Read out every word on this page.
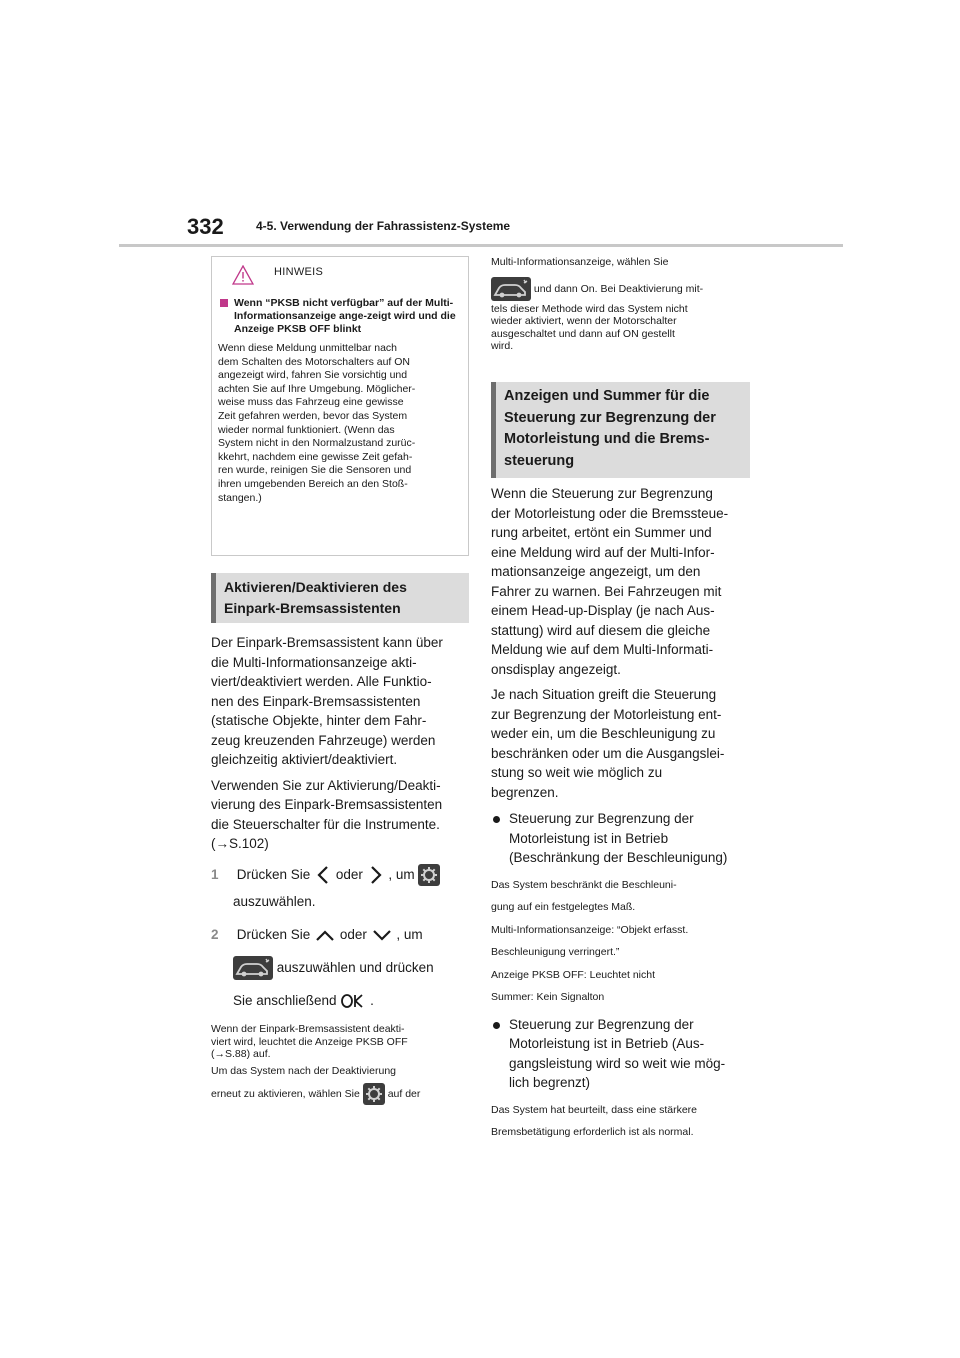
332	4-5. Verwendung der Fahrassistenz-Systeme
HINWEIS
Wenn “PKSB nicht verfügbar” auf der Multi-Informationsanzeige ange-zeigt wird und die Anzeige PKSB OFF blinkt
Wenn diese Meldung unmittelbar nach
dem Schalten des Motorschalters auf ON
angezeigt wird, fahren Sie vorsichtig und
achten Sie auf Ihre Umgebung. Möglicher-
weise muss das Fahrzeug eine gewisse
Zeit gefahren werden, bevor das System
wieder normal funktioniert. (Wenn das
System nicht in den Normalzustand zurüc-
kkehrt, nachdem eine gewisse Zeit gefah-
ren wurde, reinigen Sie die Sensoren und
ihren umgebenden Bereich an den Stoß-
stangen.)
Aktivieren/Deaktivieren des
Einpark-Bremsassistenten
Der Einpark-Bremsassistent kann über
die Multi-Informationsanzeige akti-
viert/deaktiviert werden. Alle Funktio-
nen des Einpark-Bremsassistenten
(statische Objekte, hinter dem Fahr-
zeug kreuzenden Fahrzeuge) werden
gleichzeitig aktiviert/deaktiviert.
Verwenden Sie zur Aktivierung/Deakti-
vierung des Einpark-Bremsassistenten
die Steuerschalter für die Instrumente.
(→S.102)
1 Drücken Sie oder , um
auszuwählen.
2 Drücken Sie oder , um
auszuwählen und drücken
Sie anschließend .
Wenn der Einpark-Bremsassistent deakti-
viert wird, leuchtet die Anzeige PKSB OFF
(→S.88) auf.
Um das System nach der Deaktivierung
erneut zu aktivieren, wählen Sie	auf der
Multi-Informationsanzeige, wählen Sie
und dann On. Bei Deaktivierung mit-
tels dieser Methode wird das System nicht
wieder aktiviert, wenn der Motorschalter
ausgeschaltet und dann auf ON gestellt
wird.
Anzeigen und Summer für die
Steuerung zur Begrenzung der
Motorleistung und die Brems-
steuerung
Wenn die Steuerung zur Begrenzung
der Motorleistung oder die Bremssteue-
rung arbeitet, ertönt ein Summer und
eine Meldung wird auf der Multi-Infor-
mationsanzeige angezeigt, um den
Fahrer zu warnen. Bei Fahrzeugen mit
einem Head-up-Display (je nach Aus-
stattung) wird auf diesem die gleiche
Meldung wie auf dem Multi-Informati-
onsdisplay angezeigt.
Je nach Situation greift die Steuerung
zur Begrenzung der Motorleistung ent-
weder ein, um die Beschleunigung zu
beschränken oder um die Ausgangslei-
stung so weit wie möglich zu
begrenzen.
Steuerung zur Begrenzung der
Motorleistung ist in Betrieb
(Beschränkung der Beschleunigung)
Das System beschränkt die Beschleuni-
gung auf ein festgelegtes Maß.
Multi-Informationsanzeige: “Objekt erfasst.
Beschleunigung verringert.”
Anzeige PKSB OFF: Leuchtet nicht
Summer: Kein Signalton
Steuerung zur Begrenzung der
Motorleistung ist in Betrieb (Aus-
gangsleistung wird so weit wie mög-
lich begrenzt)
Das System hat beurteilt, dass eine stärkere
Bremsbetätigung erforderlich ist als normal.
